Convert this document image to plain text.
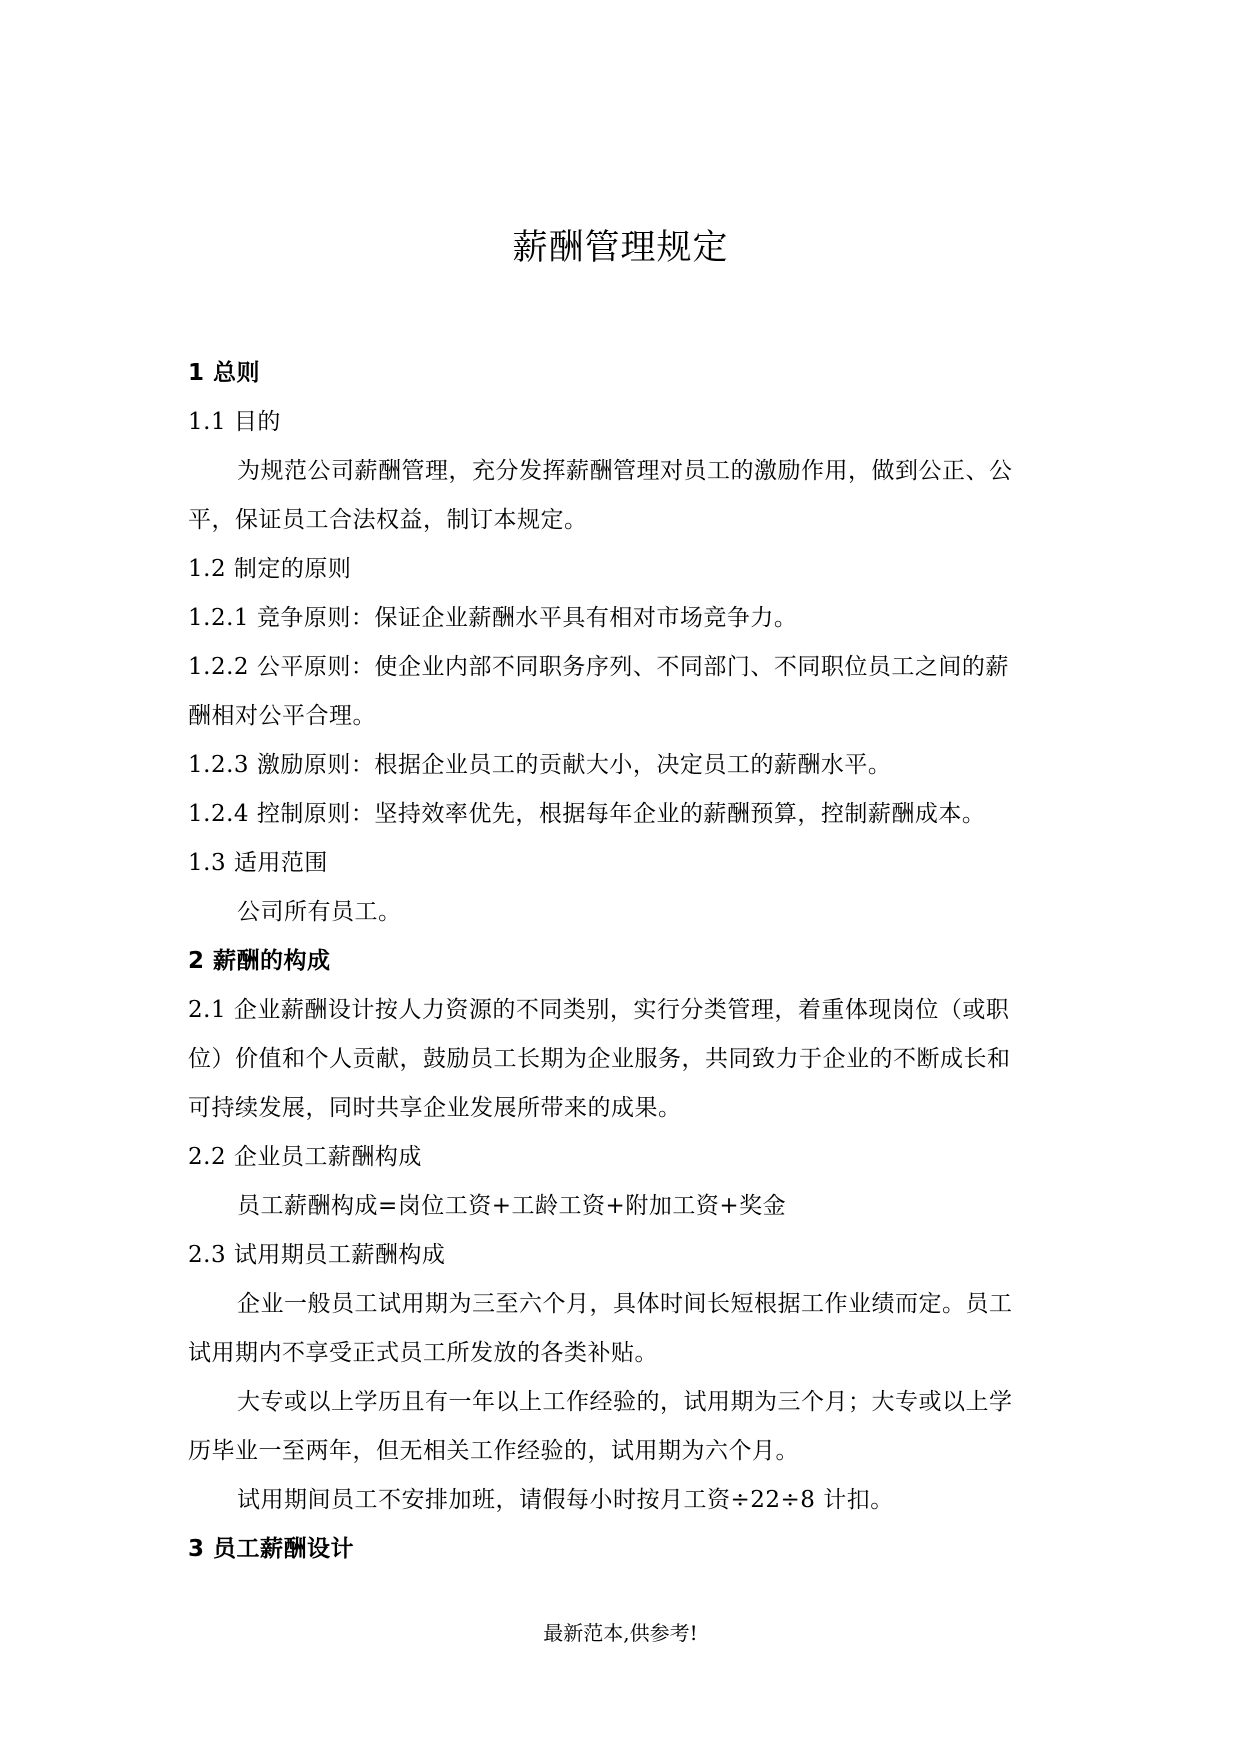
薪酬管理规定
1 总则
1.1 目的
为规范公司薪酬管理，充分发挥薪酬管理对员工的激励作用，做到公正、公
平，保证员工合法权益，制订本规定。
1.2 制定的原则
1.2.1 竞争原则：保证企业薪酬水平具有相对市场竞争力。
1.2.2 公平原则：使企业内部不同职务序列、不同部门、不同职位员工之间的薪
酬相对公平合理。
1.2.3 激励原则：根据企业员工的贡献大小，决定员工的薪酬水平。
1.2.4 控制原则：坚持效率优先，根据每年企业的薪酬预算，控制薪酬成本。
1.3 适用范围
公司所有员工。
2 薪酬的构成
2.1 企业薪酬设计按人力资源的不同类别，实行分类管理，着重体现岗位（或职
位）价值和个人贡献，鼓励员工长期为企业服务，共同致力于企业的不断成长和
可持续发展，同时共享企业发展所带来的成果。
2.2 企业员工薪酬构成
员工薪酬构成=岗位工资+工龄工资+附加工资+奖金
2.3 试用期员工薪酬构成
企业一般员工试用期为三至六个月，具体时间长短根据工作业绩而定。员工
试用期内不享受正式员工所发放的各类补贴。
大专或以上学历且有一年以上工作经验的，试用期为三个月；大专或以上学
历毕业一至两年，但无相关工作经验的，试用期为六个月。
试用期间员工不安排加班，请假每小时按月工资÷22÷8 计扣。
3 员工薪酬设计
最新范本,供参考!
